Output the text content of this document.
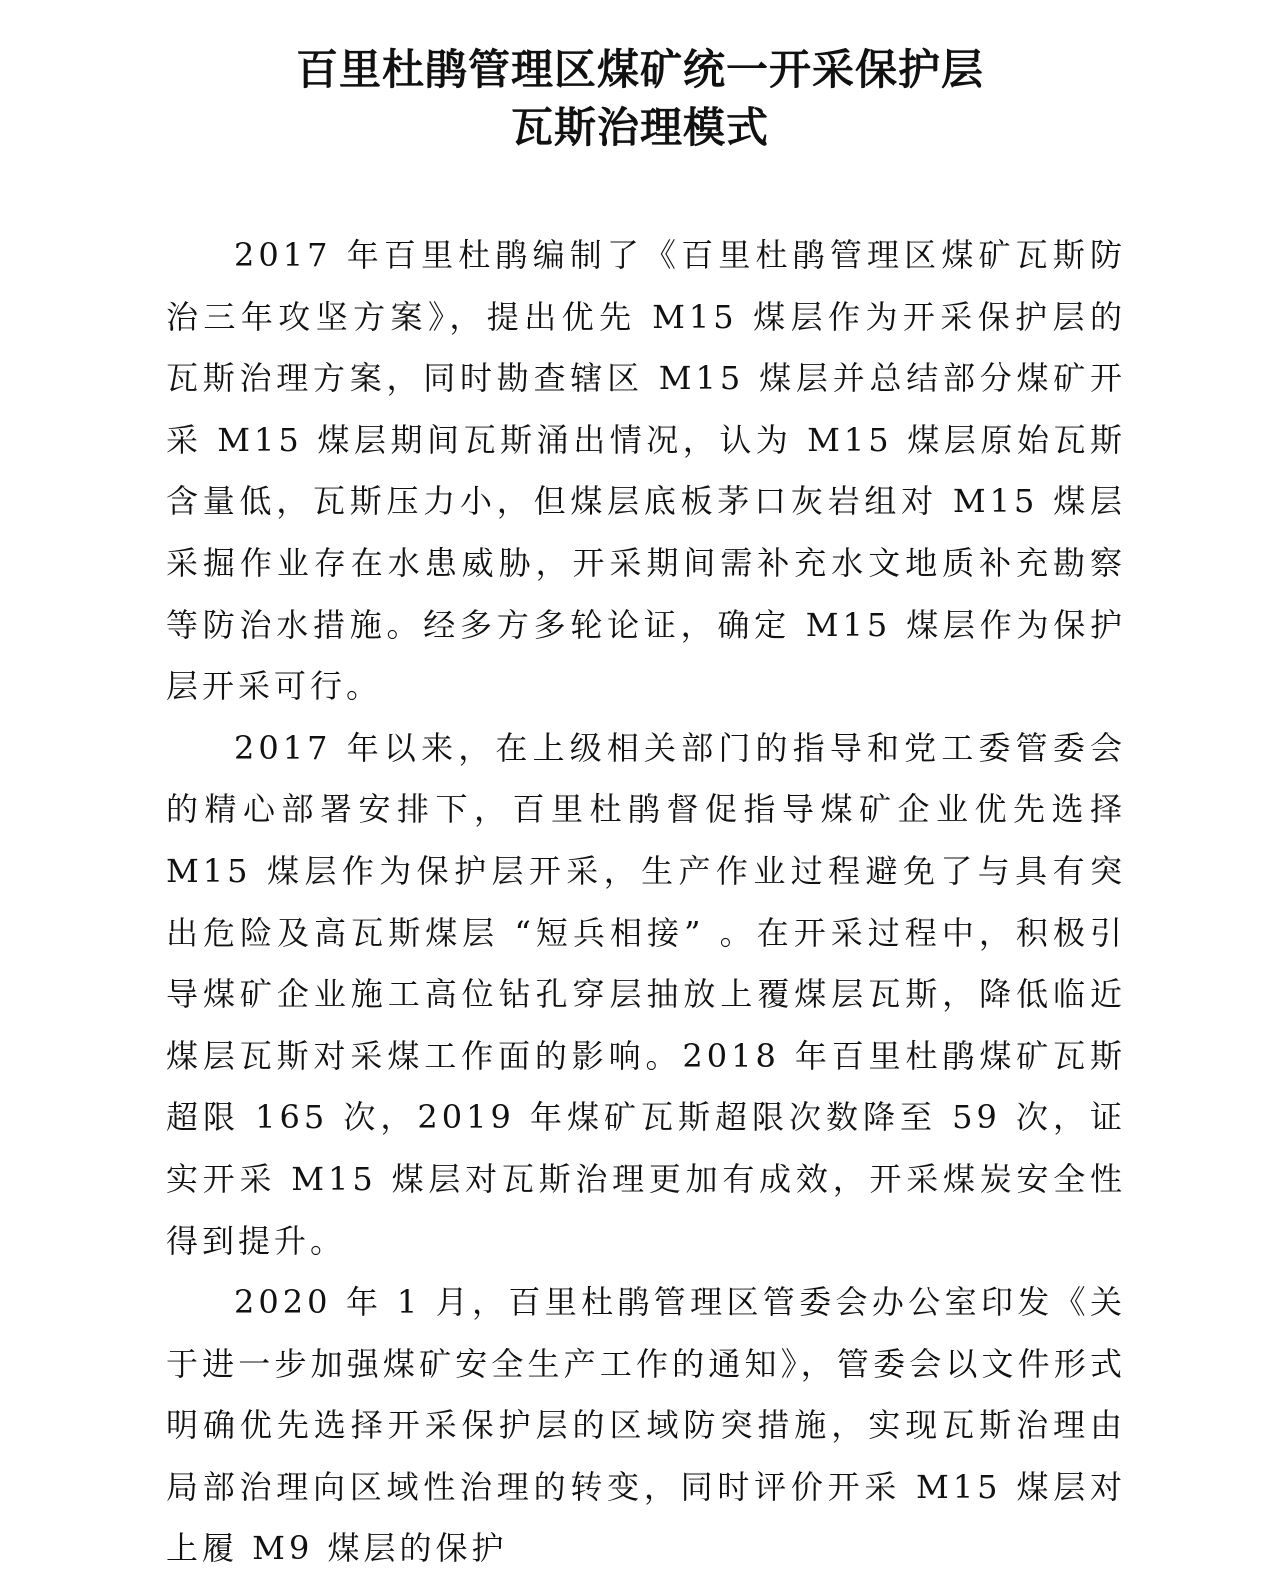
百里杜鹃管理区煤矿统一开采保护层
瓦斯治理模式

2017 年百里杜鹃编制了《百里杜鹃管理区煤矿瓦斯防治三年攻坚方案》，提出优先 M15 煤层作为开采保护层的瓦斯治理方案，同时勘查辖区 M15 煤层并总结部分煤矿开采 M15 煤层期间瓦斯涌出情况，认为 M15 煤层原始瓦斯含量低，瓦斯压力小，但煤层底板茅口灰岩组对 M15 煤层采掘作业存在水患威胁，开采期间需补充水文地质补充勘察等防治水措施。经多方多轮论证，确定 M15 煤层作为保护层开采可行。

2017 年以来，在上级相关部门的指导和党工委管委会的精心部署安排下，百里杜鹃督促指导煤矿企业优先选择 M15 煤层作为保护层开采，生产作业过程避免了与具有突出危险及高瓦斯煤层 “短兵相接” 。在开采过程中，积极引导煤矿企业施工高位钻孔穿层抽放上覆煤层瓦斯，降低临近煤层瓦斯对采煤工作面的影响。2018 年百里杜鹃煤矿瓦斯超限 165 次，2019 年煤矿瓦斯超限次数降至 59 次，证实开采 M15 煤层对瓦斯治理更加有成效，开采煤炭安全性得到提升。

2020 年 1 月，百里杜鹃管理区管委会办公室印发《关于进一步加强煤矿安全生产工作的通知》，管委会以文件形式明确优先选择开采保护层的区域防突措施，实现瓦斯治理由局部治理向区域性治理的转变，同时评价开采 M15 煤层对上履 M9 煤层的保护
